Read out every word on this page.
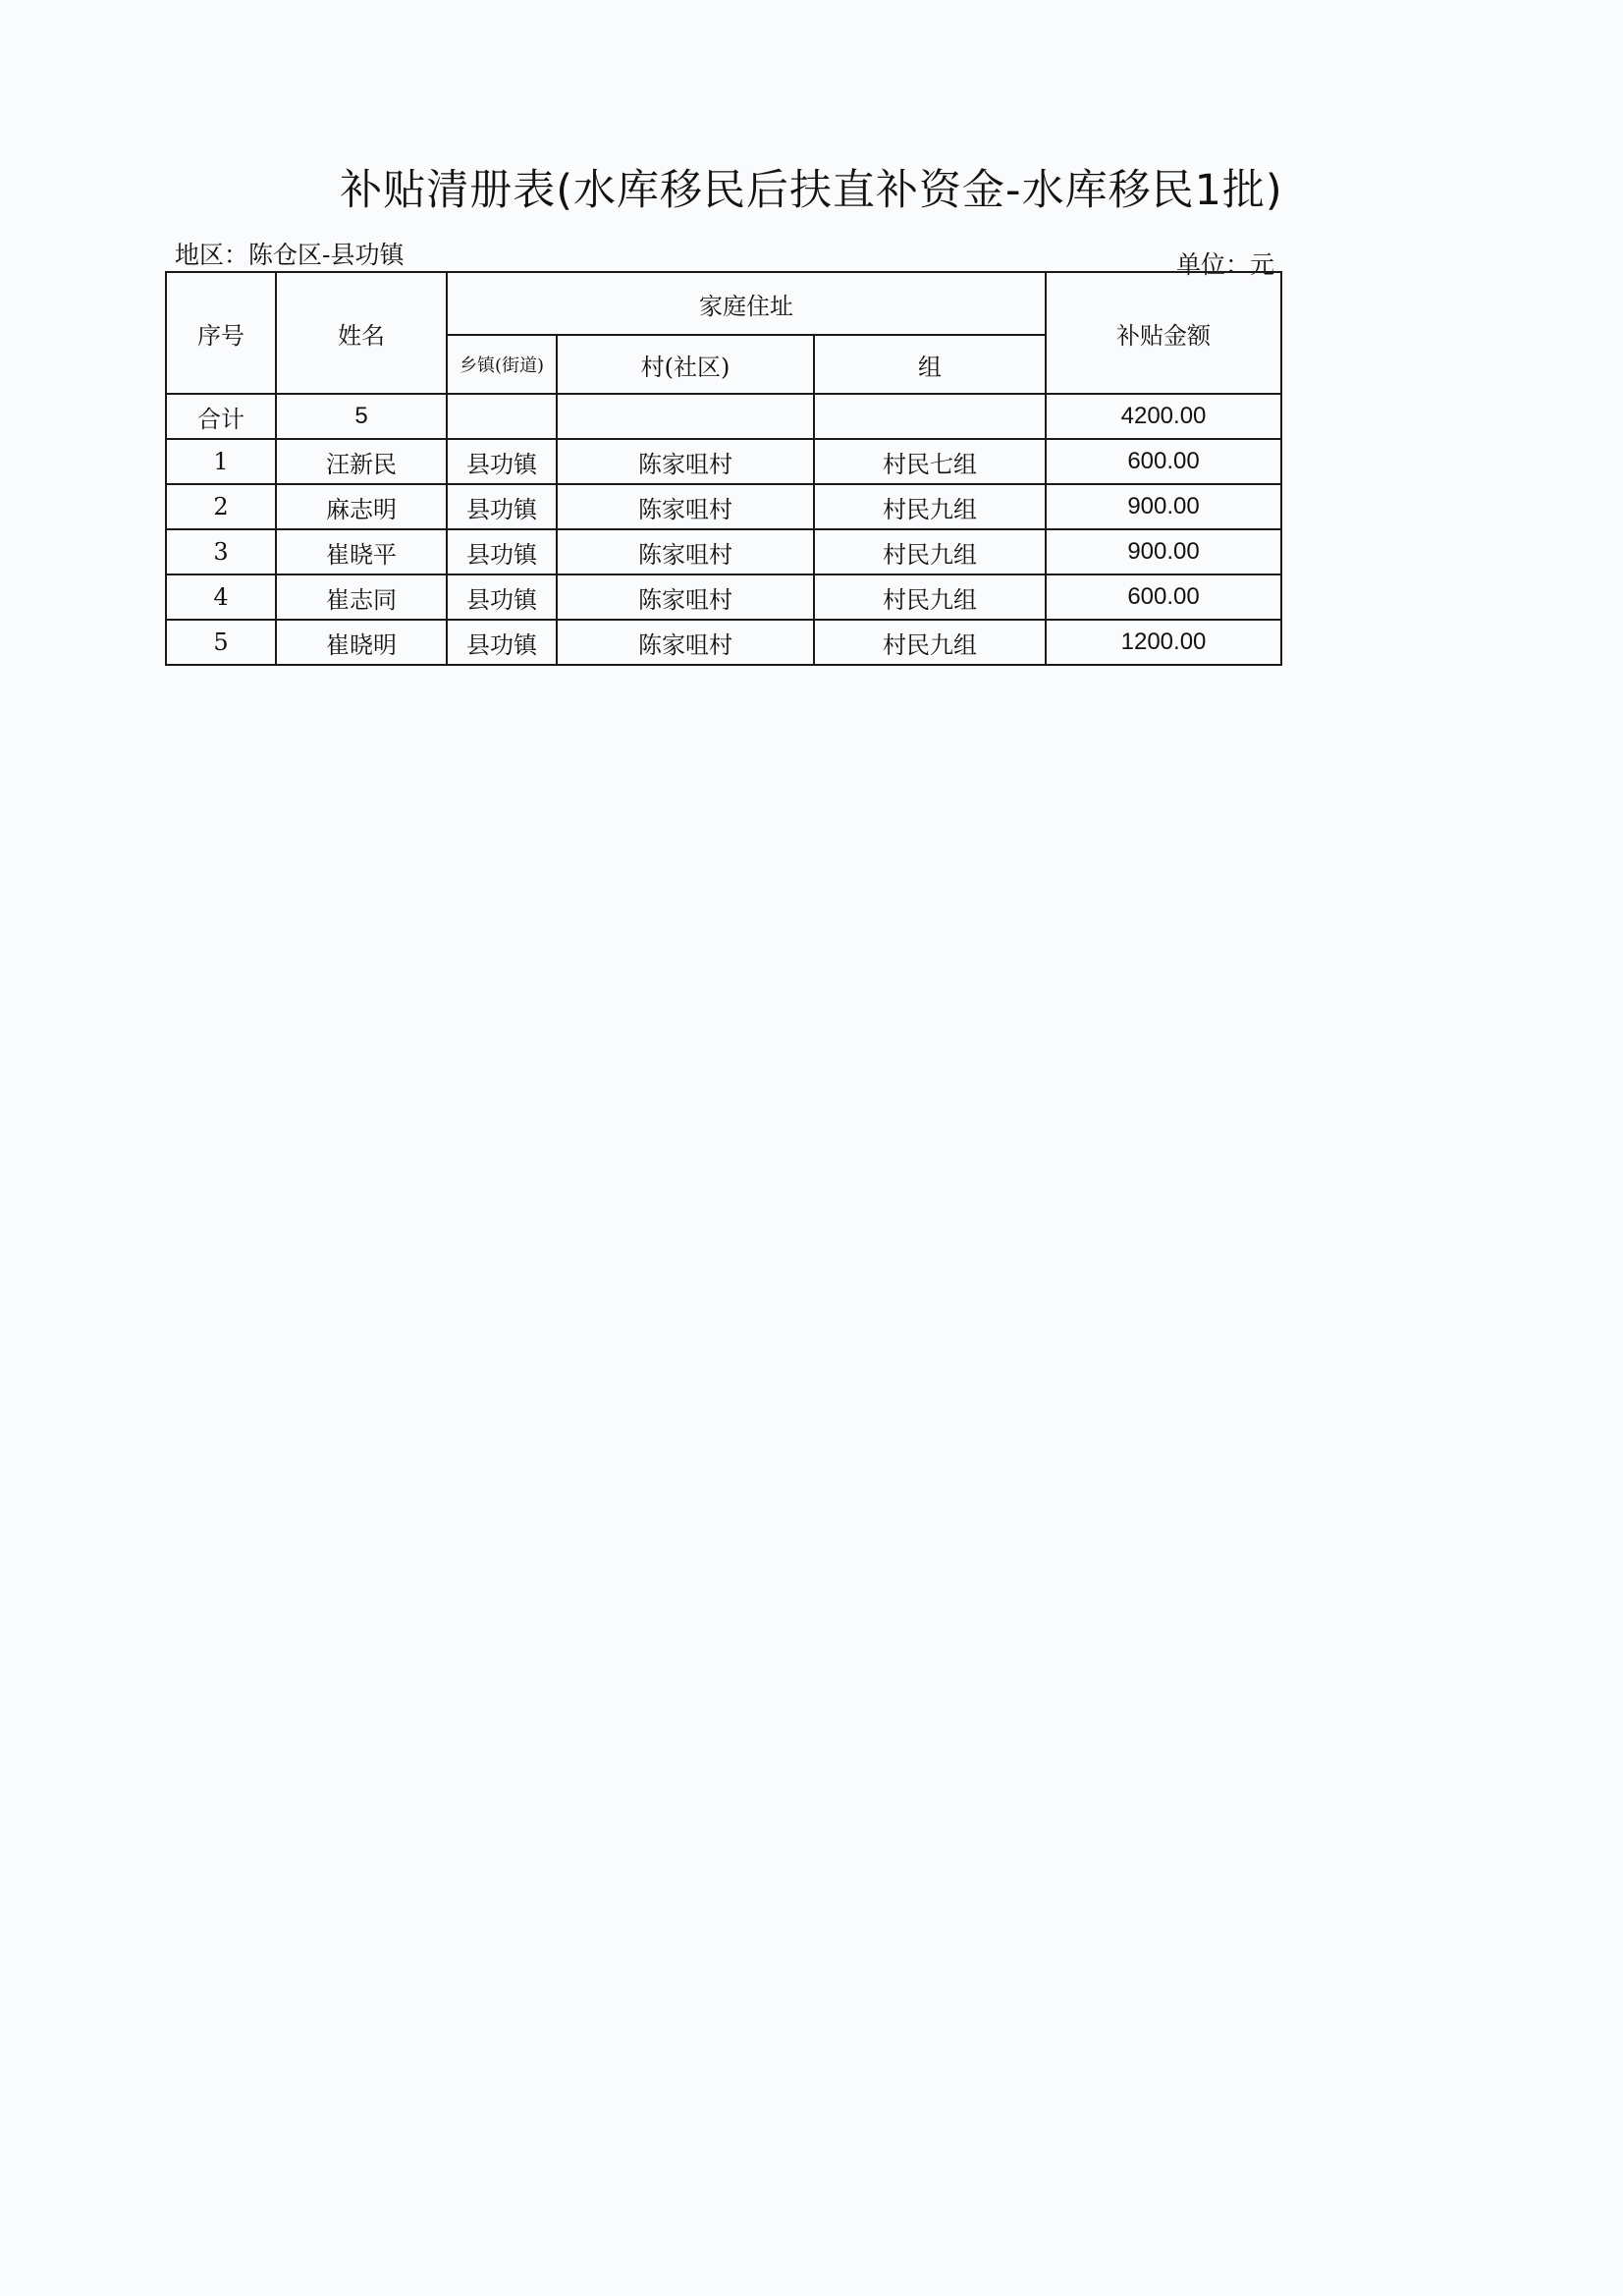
补贴清册表(水库移民后扶直补资金-水库移民1批)
地区：陈仓区-县功镇	单位：元
序号	姓名	家庭住址			补贴金额
		乡镇(街道)	村(社区)	组	
合计	5				4200.00
1	汪新民	县功镇	陈家咀村	村民七组	600.00
2	麻志明	县功镇	陈家咀村	村民九组	900.00
3	崔晓平	县功镇	陈家咀村	村民九组	900.00
4	崔志同	县功镇	陈家咀村	村民九组	600.00
5	崔晓明	县功镇	陈家咀村	村民九组	1200.00
